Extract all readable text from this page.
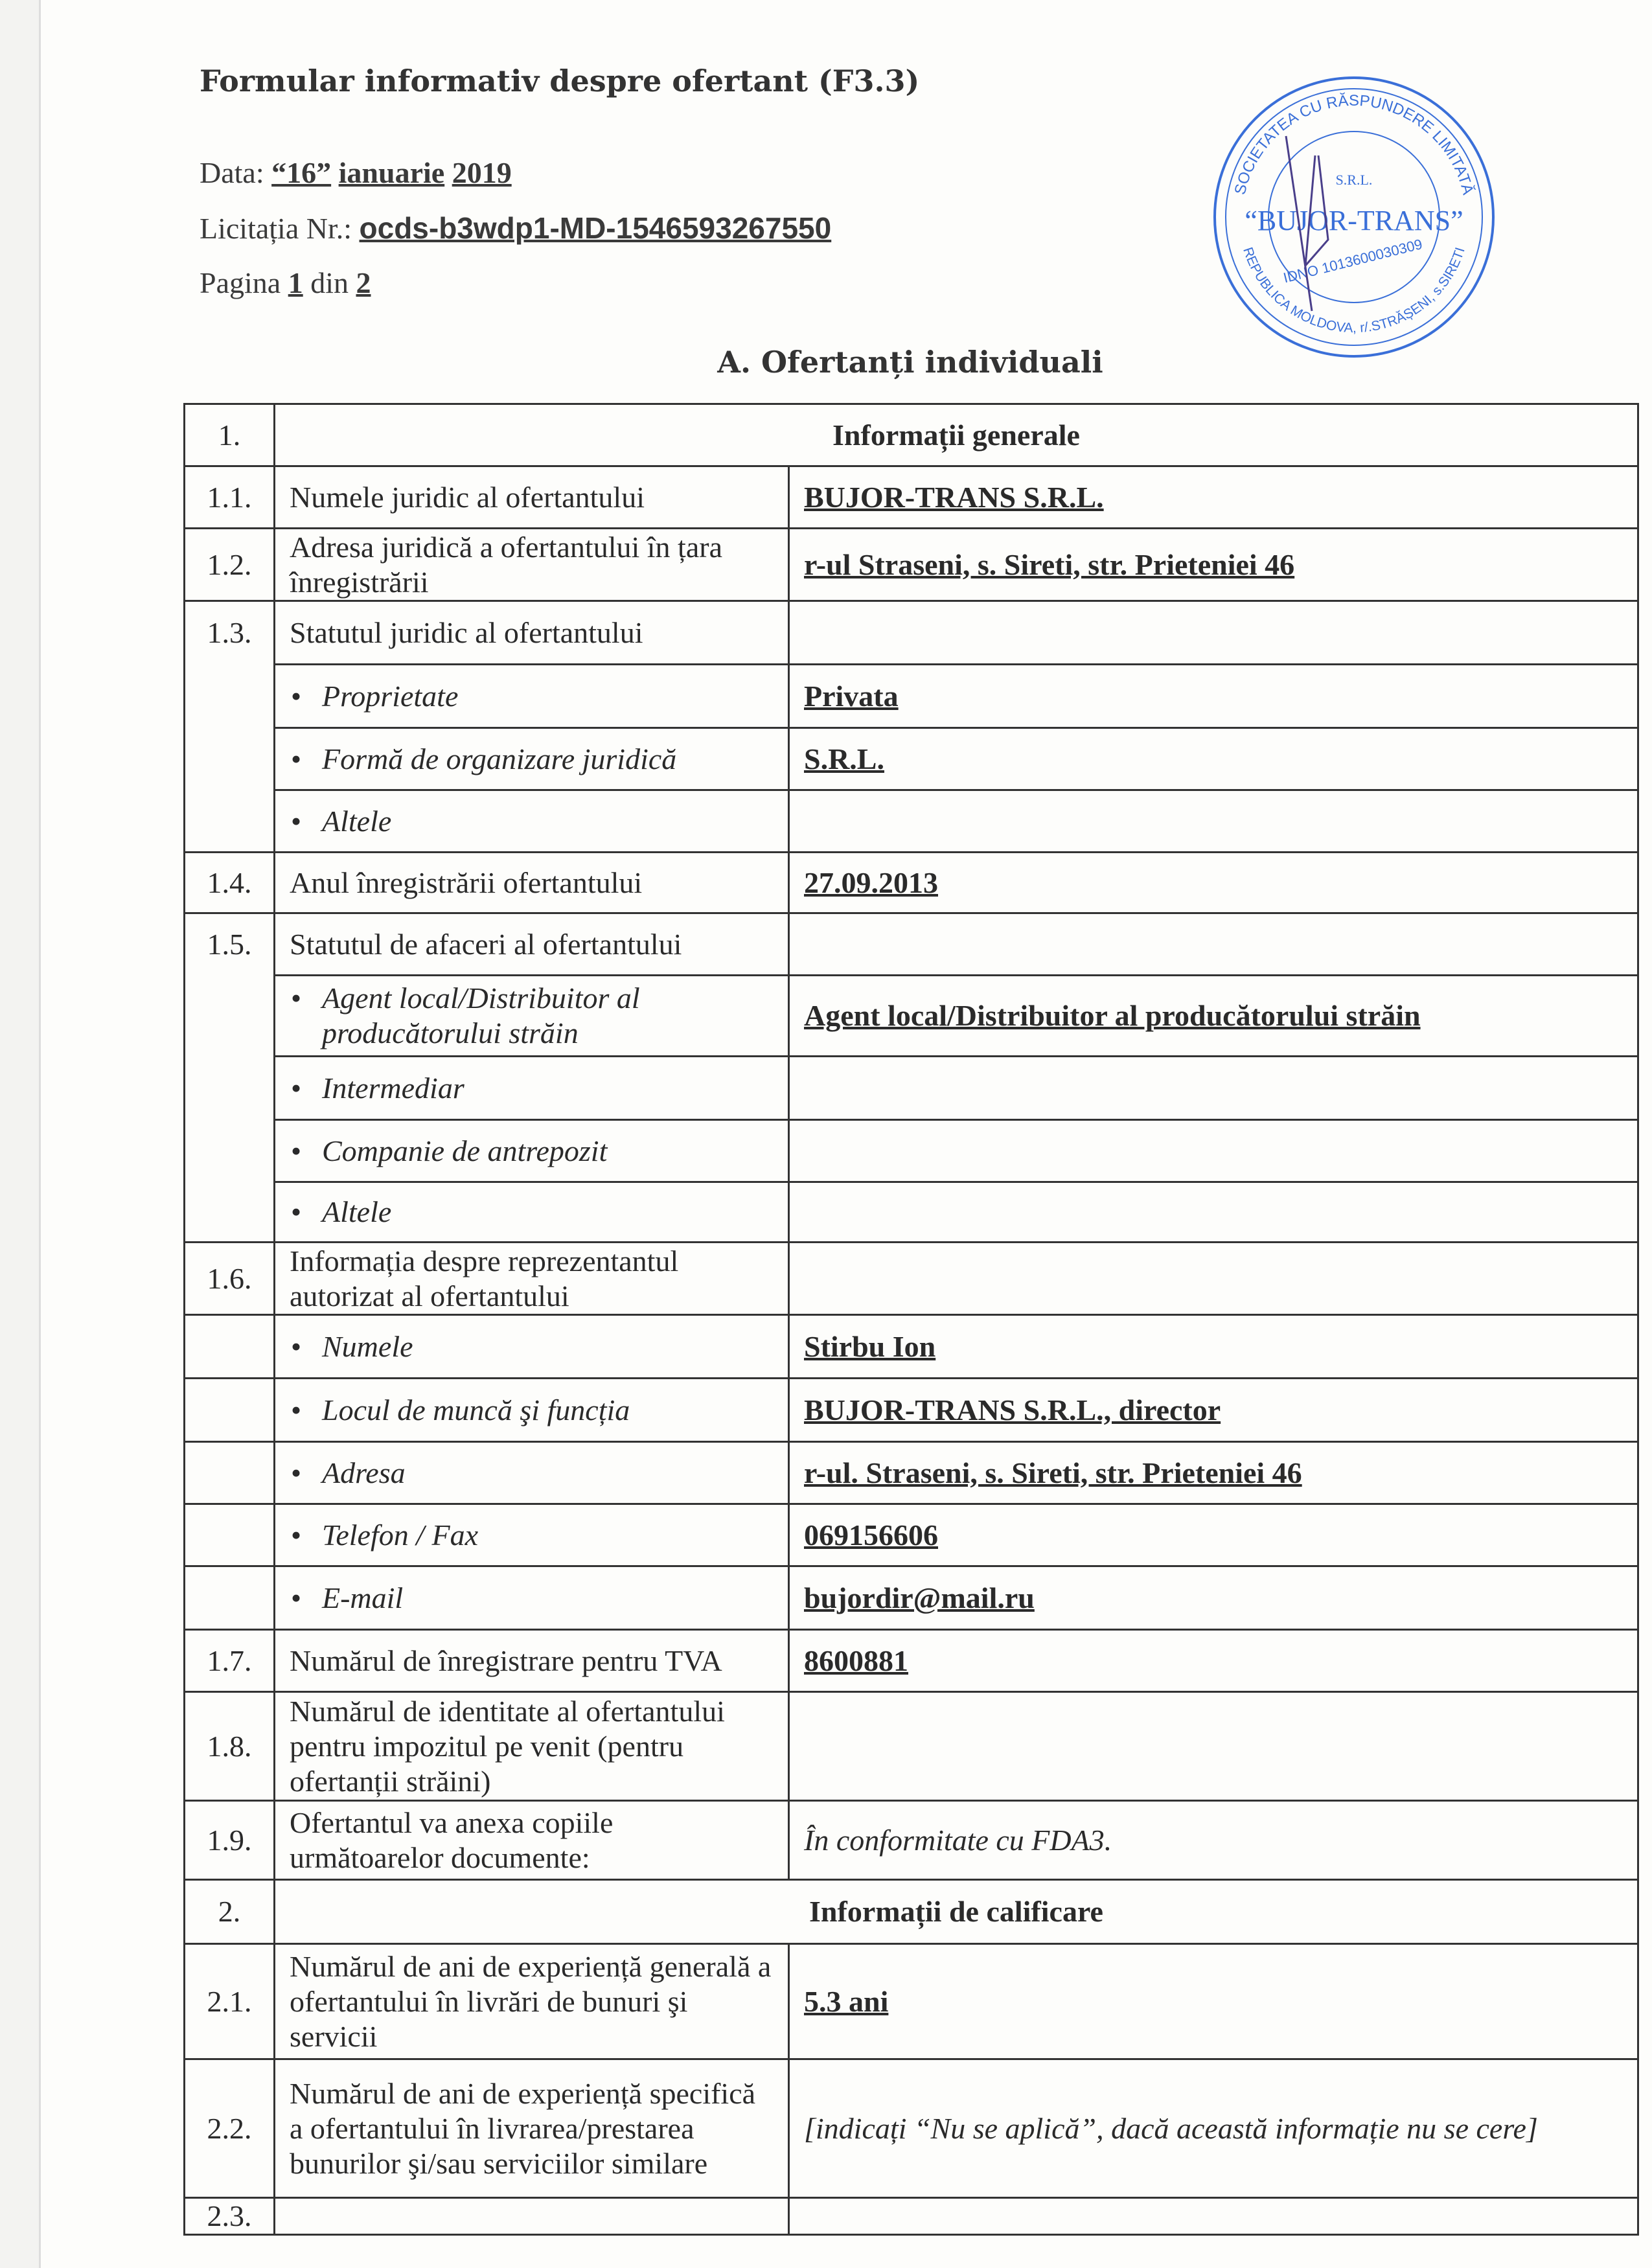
Formular informativ despre ofertant (F3.3)
Data: “16” ianuarie 2019
Licitația Nr.: ocds-b3wdp1-MD-1546593267550
Pagina 1 din 2
SOCIETATEA CU RĂSPUNDERE LIMITATĂ
REPUBLICA MOLDOVA, r/.STRĂȘENI, s.SIRETI
S.R.L.
“BUJOR-TRANS”
IDNO 1013600030309
A. Ofertanți individuali
1.	Informații generale	
1.1.	Numele juridic al ofertantului	BUJOR-TRANS S.R.L.
1.2.	Adresa juridică a ofertantului în țara înregistrării	r-ul Straseni, s. Sireti, str. Prieteniei 46
1.3.	Statutul juridic al ofertantului	
	• Proprietate	Privata
	• Formă de organizare juridică	S.R.L.
	• Altele	
1.4.	Anul înregistrării ofertantului	27.09.2013
1.5.	Statutul de afaceri al ofertantului	
	• Agent local/Distribuitor al producătorului străin	Agent local/Distribuitor al producătorului străin
	• Intermediar	
	• Companie de antrepozit	
	• Altele	
1.6.	Informația despre reprezentantul autorizat al ofertantului	
	• Numele	Stirbu Ion
	• Locul de muncă şi funcția	BUJOR-TRANS S.R.L., director
	• Adresa	r-ul. Straseni, s. Sireti, str. Prieteniei 46
	• Telefon / Fax	069156606
	• E-mail	bujordir@mail.ru
1.7.	Numărul de înregistrare pentru TVA	8600881
1.8.	Numărul de identitate al ofertantului pentru impozitul pe venit (pentru ofertanții străini)	
1.9.	Ofertantul va anexa copiile următoarelor documente:	În conformitate cu FDA3.
2.	Informații de calificare	
2.1.	Numărul de ani de experiență generală a ofertantului în livrări de bunuri şi servicii	5.3 ani
2.2.	Numărul de ani de experiență specifică a ofertantului în livrarea/prestarea bunurilor şi/sau serviciilor similare	[indicați “Nu se aplică”, dacă această informație nu se cere]
2.3.		
